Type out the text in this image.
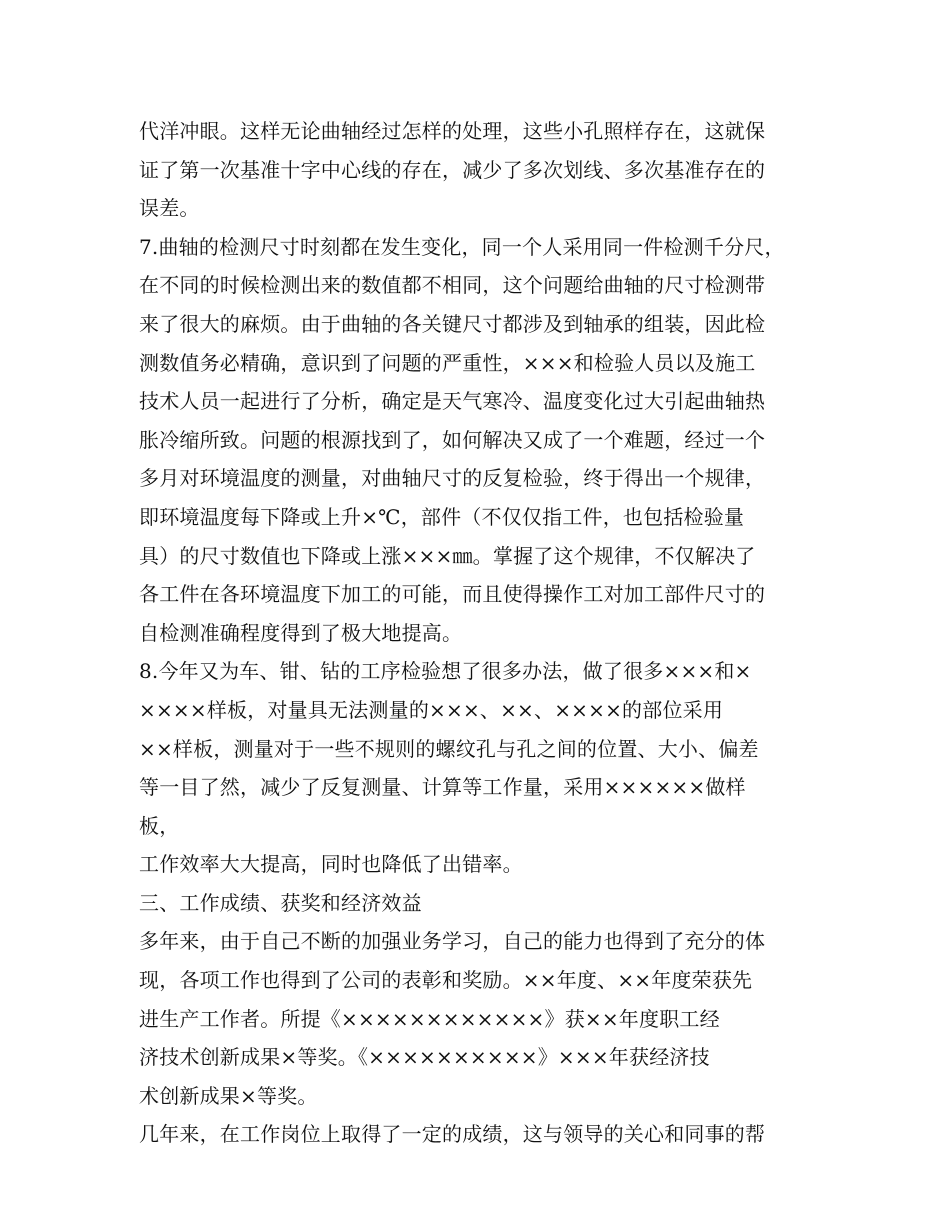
代洋冲眼。这样无论曲轴经过怎样的处理，这些小孔照样存在，这就保
证了第一次基准十字中心线的存在，减少了多次划线、多次基准存在的
误差。
7.曲轴的检测尺寸时刻都在发生变化，同一个人采用同一件检测千分尺，
在不同的时候检测出来的数值都不相同，这个问题给曲轴的尺寸检测带
来了很大的麻烦。由于曲轴的各关键尺寸都涉及到轴承的组装，因此检
测数值务必精确，意识到了问题的严重性，×××和检验人员以及施工
技术人员一起进行了分析，确定是天气寒冷、温度变化过大引起曲轴热
胀冷缩所致。问题的根源找到了，如何解决又成了一个难题，经过一个
多月对环境温度的测量，对曲轴尺寸的反复检验，终于得出一个规律，
即环境温度每下降或上升×℃，部件（不仅仅指工件，也包括检验量
具）的尺寸数值也下降或上涨×××㎜。掌握了这个规律，不仅解决了
各工件在各环境温度下加工的可能，而且使得操作工对加工部件尺寸的
自检测准确程度得到了极大地提高。
8.今年又为车、钳、钻的工序检验想了很多办法，做了很多×××和×
××××样板，对量具无法测量的×××、××、××××的部位采用
××样板，测量对于一些不规则的螺纹孔与孔之间的位置、大小、偏差
等一目了然，减少了反复测量、计算等工作量，采用××××××做样
板，
工作效率大大提高，同时也降低了出错率。
三、工作成绩、获奖和经济效益
多年来，由于自己不断的加强业务学习，自己的能力也得到了充分的体
现，各项工作也得到了公司的表彰和奖励。××年度、××年度荣获先
进生产工作者。所提《××××××××××××》获××年度职工经
济技术创新成果×等奖。《××××××××××》×××年获经济技
术创新成果×等奖。
几年来，在工作岗位上取得了一定的成绩，这与领导的关心和同事的帮
